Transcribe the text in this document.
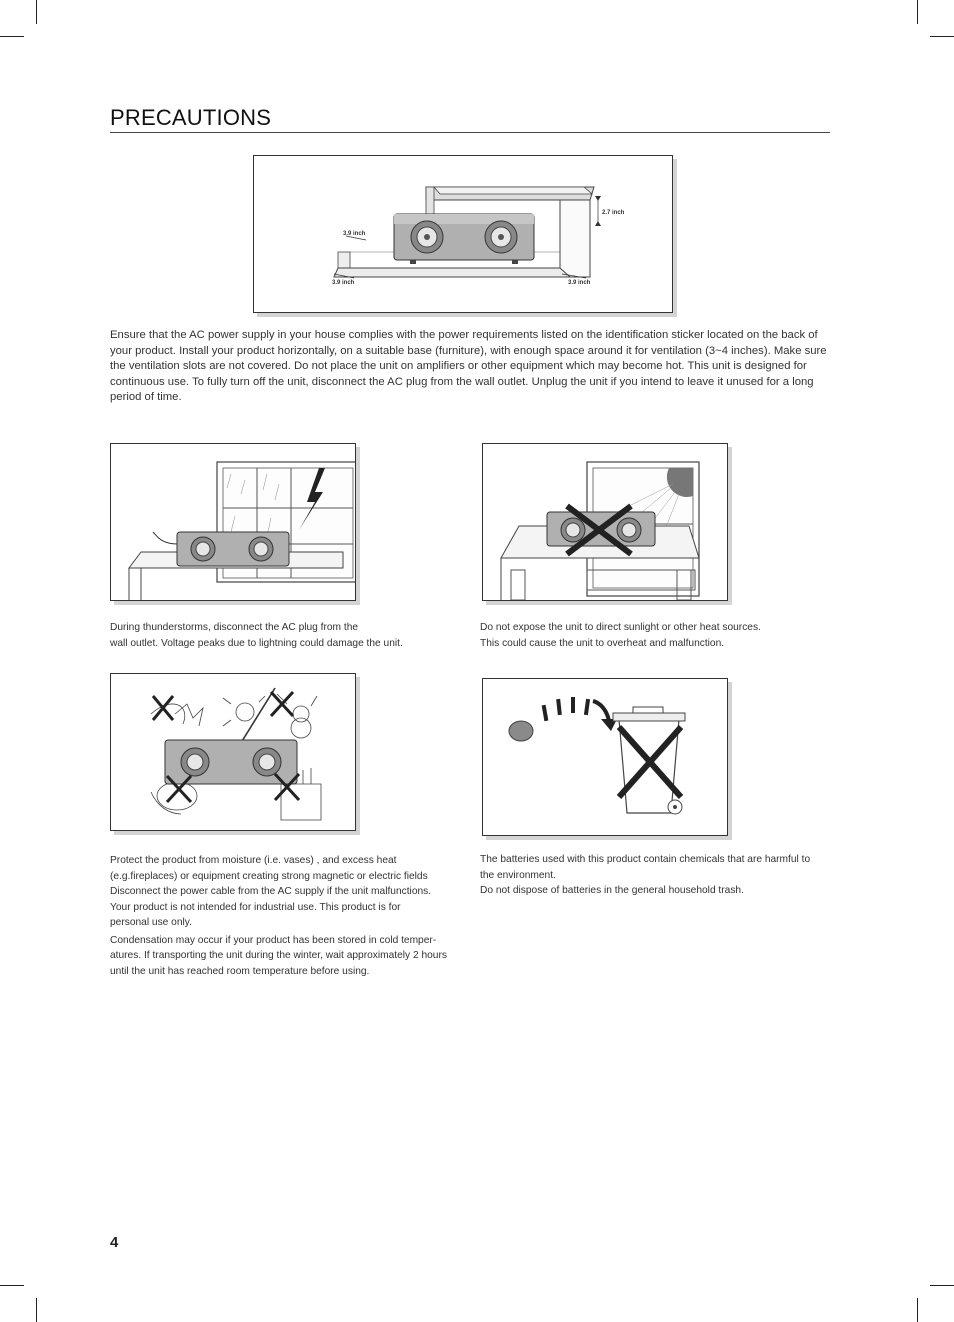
PRECAUTIONS
3.9 inch
3.9 inch	3.9 inch
2.7 inch

Ensure that the AC power supply in your house complies with the power requirements listed on the identification sticker located on the back of your product. Install your product horizontally, on a suitable base (furniture), with enough space around it for ventilation (3~4 inches). Make sure the ventilation slots are not covered. Do not place the unit on amplifiers or other equipment which may become hot. This unit is designed for continuous use. To fully turn off the unit, disconnect the AC plug from the wall outlet. Unplug the unit if you intend to leave it unused for a long period of time.

During thunderstorms, disconnect the AC plug from the

wall outlet. Voltage peaks due to lightning could damage the unit.

Do not expose the unit to direct sunlight or other heat sources.

This could cause the unit to overheat and malfunction.

Protect the product from moisture (i.e. vases) , and excess heat

(e.g.fireplaces) or equipment creating strong magnetic or electric fields

Disconnect the power cable from the AC supply if the unit malfunctions.

Your product is not intended for industrial use. This product is for

personal use only.

Condensation may occur if your product has been stored in cold temper-

atures. If transporting the unit during the winter, wait approximately 2 hours

until the unit has reached room temperature before using.

The batteries used with this product contain chemicals that are harmful to

the environment.

Do not dispose of batteries in the general household trash.

4
